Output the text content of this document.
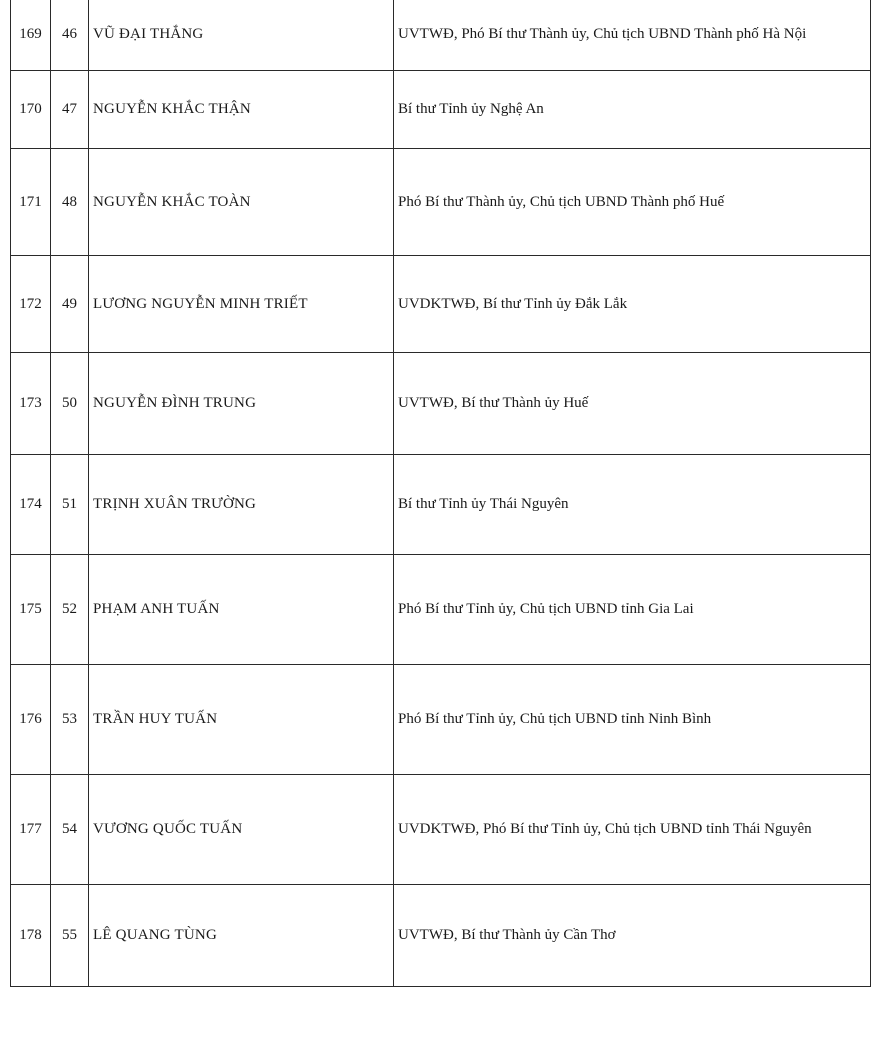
169	46	VŨ ĐẠI THẮNG	UVTWĐ, Phó Bí thư Thành ủy, Chủ tịch UBND Thành phố Hà Nội
170	47	NGUYỄN KHẮC THẬN	Bí thư Tỉnh ủy Nghệ An
171	48	NGUYỄN KHẮC TOÀN	Phó Bí thư Thành ủy, Chủ tịch UBND Thành phố Huế
172	49	LƯƠNG NGUYỄN MINH TRIẾT	UVDKTWĐ, Bí thư Tỉnh ủy Đắk Lắk
173	50	NGUYỄN ĐÌNH TRUNG	UVTWĐ, Bí thư Thành ủy Huế
174	51	TRỊNH XUÂN TRƯỜNG	Bí thư Tỉnh ủy Thái Nguyên
175	52	PHẠM ANH TUẤN	Phó Bí thư Tỉnh ủy, Chủ tịch UBND tỉnh Gia Lai
176	53	TRẦN HUY TUẤN	Phó Bí thư Tỉnh ủy, Chủ tịch UBND tỉnh Ninh Bình
177	54	VƯƠNG QUỐC TUẤN	UVDKTWĐ, Phó Bí thư Tỉnh ủy, Chủ tịch UBND tỉnh Thái Nguyên
178	55	LÊ QUANG TÙNG	UVTWĐ, Bí thư Thành ủy Cần Thơ
